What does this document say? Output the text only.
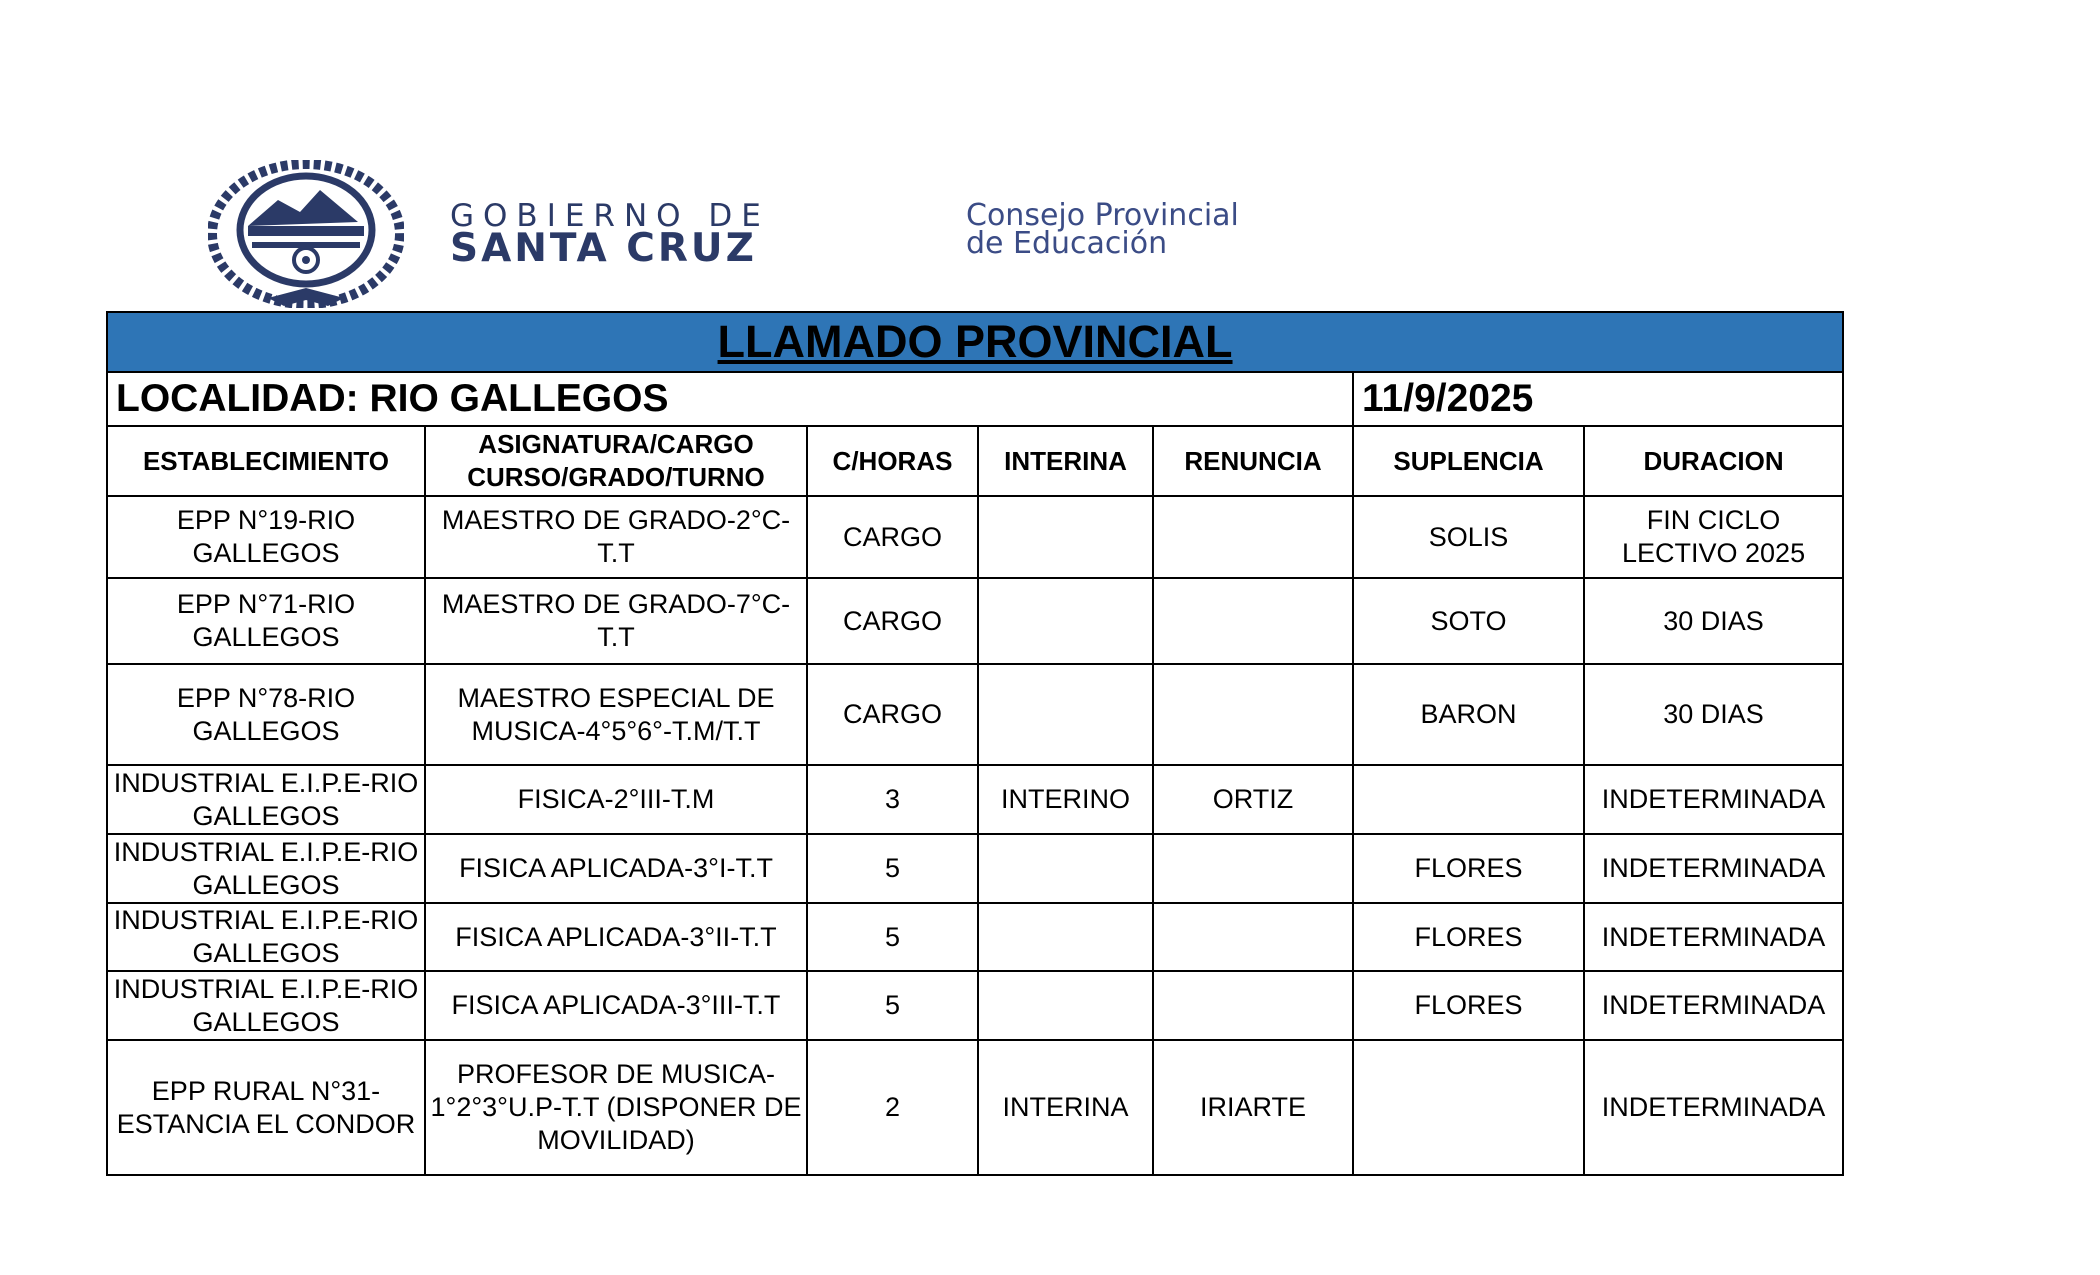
GOBIERNO DE
SANTA CRUZ
Consejo Provincial
de Educación
LLAMADO PROVINCIAL						
LOCALIDAD: RIO GALLEGOS					11/9/2025	
ESTABLECIMIENTO	ASIGNATURA/CARGO CURSO/GRADO/TURNO	C/HORAS	INTERINA	RENUNCIA	SUPLENCIA	DURACION
EPP N°19-RIO GALLEGOS	MAESTRO DE GRADO-2°C-T.T	CARGO			SOLIS	FIN CICLO LECTIVO 2025
EPP N°71-RIO GALLEGOS	MAESTRO DE GRADO-7°C-T.T	CARGO			SOTO	30 DIAS
EPP N°78-RIO GALLEGOS	MAESTRO ESPECIAL DE MUSICA-4°5°6°-T.M/T.T	CARGO			BARON	30 DIAS
INDUSTRIAL E.I.P.E-RIO GALLEGOS	FISICA-2°III-T.M	3	INTERINO	ORTIZ		INDETERMINADA
INDUSTRIAL E.I.P.E-RIO GALLEGOS	FISICA APLICADA-3°I-T.T	5			FLORES	INDETERMINADA
INDUSTRIAL E.I.P.E-RIO GALLEGOS	FISICA APLICADA-3°II-T.T	5			FLORES	INDETERMINADA
INDUSTRIAL E.I.P.E-RIO GALLEGOS	FISICA APLICADA-3°III-T.T	5			FLORES	INDETERMINADA
EPP RURAL N°31-ESTANCIA EL CONDOR	PROFESOR DE MUSICA-1°2°3°U.P-T.T (DISPONER DE MOVILIDAD)	2	INTERINA	IRIARTE		INDETERMINADA
